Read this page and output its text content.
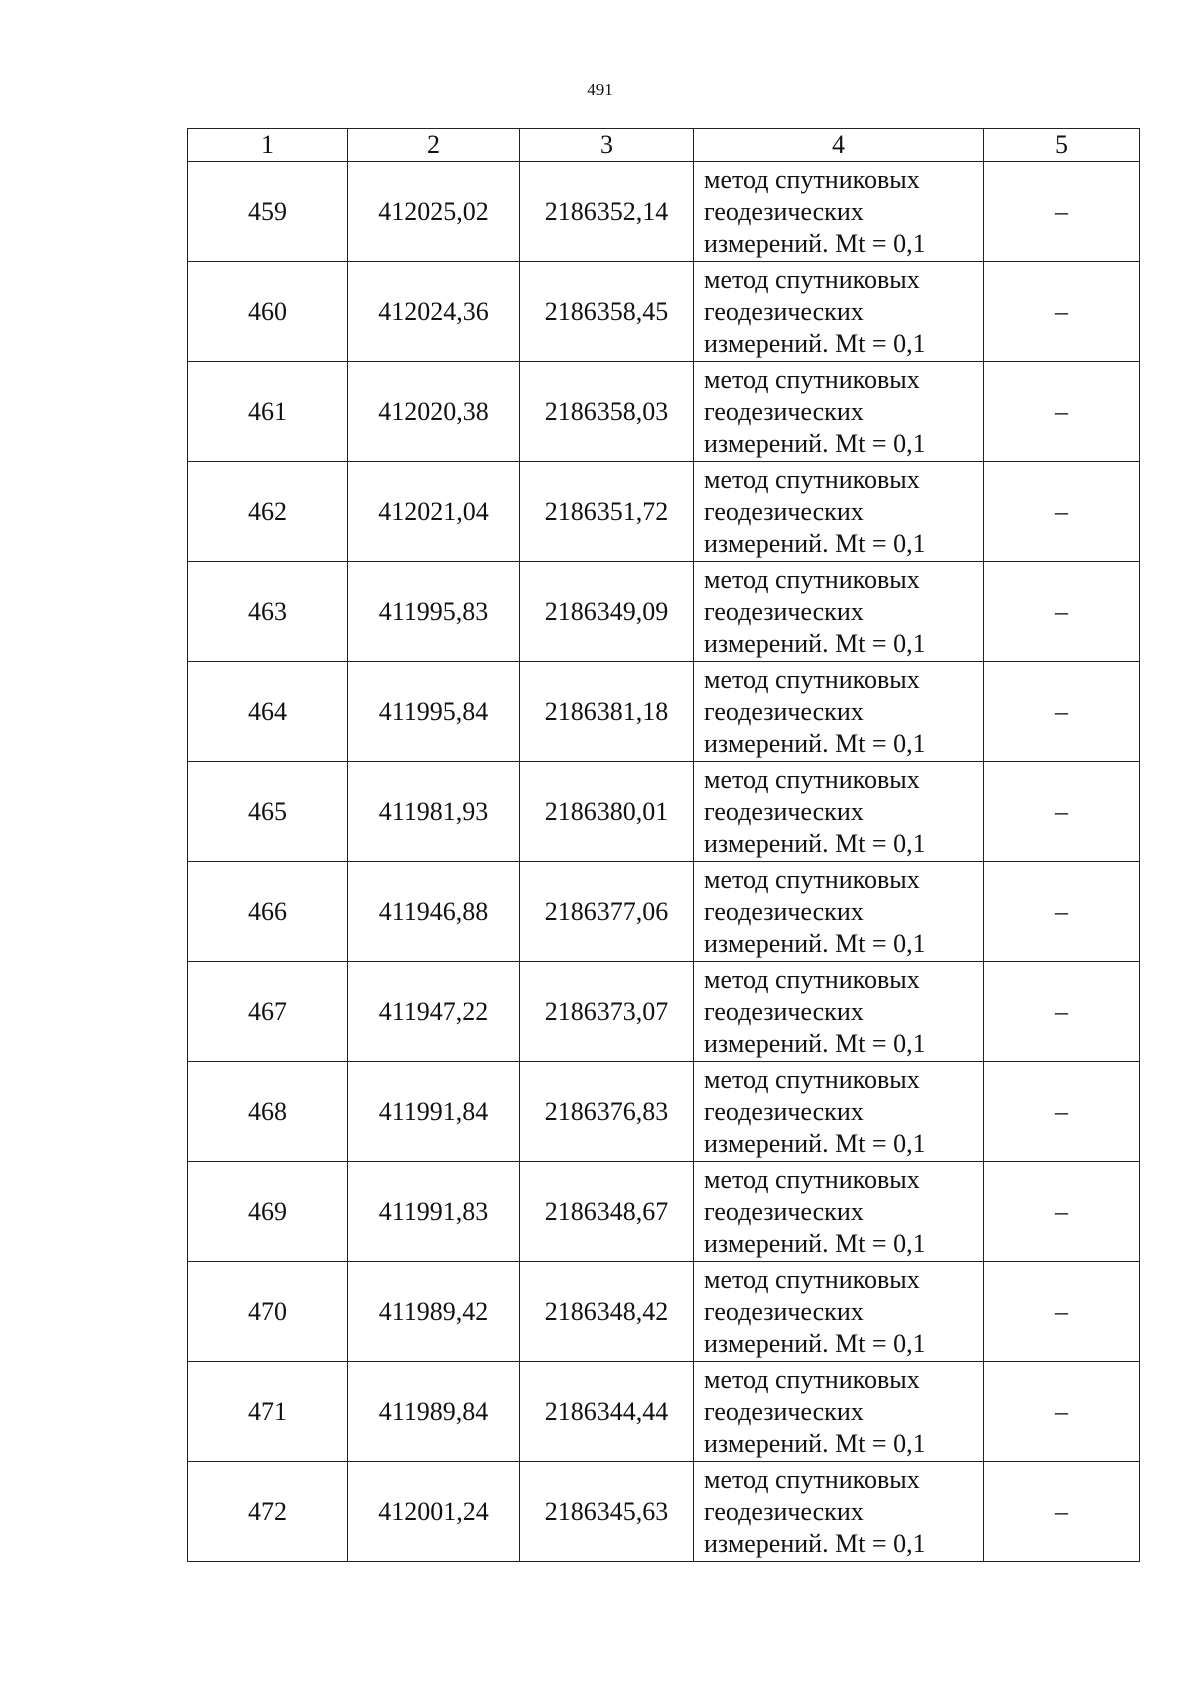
491
1	2	3	4	5
459	412025,02	2186352,14	метод спутниковых
геодезических
измерений. Mt = 0,1	–
460	412024,36	2186358,45	метод спутниковых
геодезических
измерений. Mt = 0,1	–
461	412020,38	2186358,03	метод спутниковых
геодезических
измерений. Mt = 0,1	–
462	412021,04	2186351,72	метод спутниковых
геодезических
измерений. Mt = 0,1	–
463	411995,83	2186349,09	метод спутниковых
геодезических
измерений. Mt = 0,1	–
464	411995,84	2186381,18	метод спутниковых
геодезических
измерений. Mt = 0,1	–
465	411981,93	2186380,01	метод спутниковых
геодезических
измерений. Mt = 0,1	–
466	411946,88	2186377,06	метод спутниковых
геодезических
измерений. Mt = 0,1	–
467	411947,22	2186373,07	метод спутниковых
геодезических
измерений. Mt = 0,1	–
468	411991,84	2186376,83	метод спутниковых
геодезических
измерений. Mt = 0,1	–
469	411991,83	2186348,67	метод спутниковых
геодезических
измерений. Mt = 0,1	–
470	411989,42	2186348,42	метод спутниковых
геодезических
измерений. Mt = 0,1	–
471	411989,84	2186344,44	метод спутниковых
геодезических
измерений. Mt = 0,1	–
472	412001,24	2186345,63	метод спутниковых
геодезических
измерений. Mt = 0,1	–
